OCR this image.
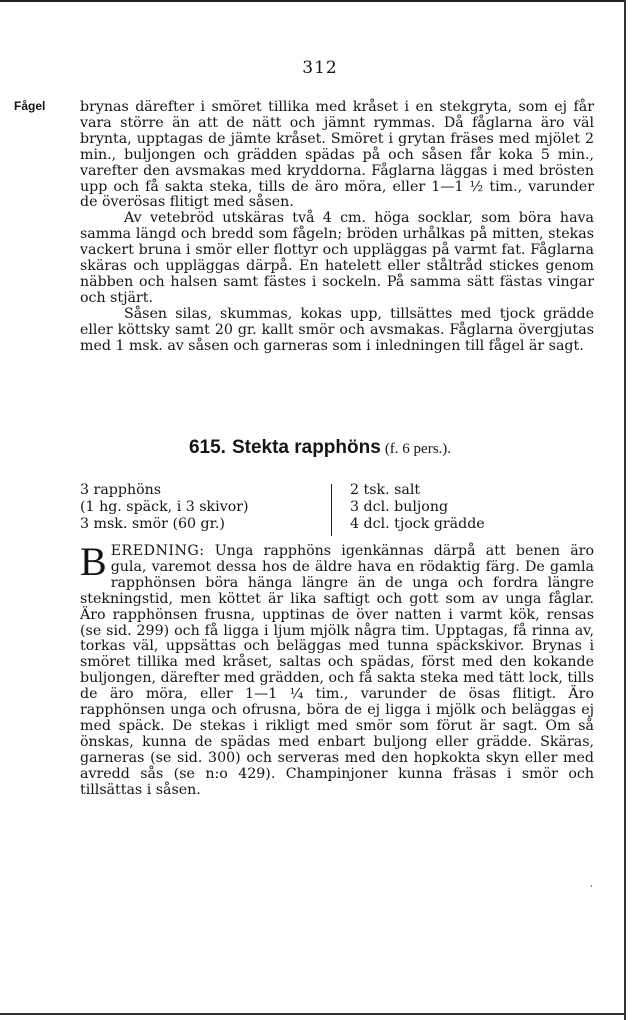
312
Fågel brynas därefter i smöret tillika med kråset i en stekgryta, som ej får vara större än att de nätt och jämnt rymmas. Då fåglarna äro väl brynta, upptagas de jämte kråset. Smöret i grytan fräses med mjölet 2 min., buljongen och grädden spädas på och såsen får koka 5 min., varefter den avsmakas med kryddorna. Fåglarna läggas i med brösten upp och få sakta steka, tills de äro möra, eller 1—1 ½ tim., varunder de överösas flitigt med såsen.

Av vetebröd utskäras två 4 cm. höga socklar, som böra hava samma längd och bredd som fågeln; bröden urhålkas på mitten, stekas vackert bruna i smör eller flottyr och uppläggas på varmt fat. Fåglarna skäras och uppläggas därpå. En hatelett eller ståltråd stickes genom näbben och halsen samt fästes i sockeln. På samma sätt fästas vingar och stjärt.

Såsen silas, skummas, kokas upp, tillsättes med tjock grädde eller köttsky samt 20 gr. kallt smör och avsmakas. Fåglarna övergjutas med 1 msk. av såsen och garneras som i inledningen till fågel är sagt.

615. Stekta rapphöns (f. 6 pers.).
3 rapphöns
(1 hg. späck, i 3 skivor)
3 msk. smör (60 gr.)
2 tsk. salt
3 dcl. buljong
4 dcl. tjock grädde

BEREDNING: Unga rapphöns igenkännas därpå att benen äro gula, varemot dessa hos de äldre hava en rödaktig färg. De gamla rapphönsen böra hänga längre än de unga och fordra längre stekningstid, men köttet är lika saftigt och gott som av unga fåglar. Äro rapphönsen frusna, upptinas de över natten i varmt kök, rensas (se sid. 299) och få ligga i ljum mjölk några tim. Upptagas, få rinna av, torkas väl, uppsättas och beläggas med tunna späckskivor. Brynas i smöret tillika med kråset, saltas och spädas, först med den kokande buljongen, därefter med grädden, och få sakta steka med tätt lock, tills de äro möra, eller 1—1 ¼ tim., varunder de ösas flitigt. Äro rapphönsen unga och ofrusna, böra de ej ligga i mjölk och beläggas ej med späck. De stekas i rikligt med smör som förut är sagt. Om så önskas, kunna de spädas med enbart buljong eller grädde. Skäras, garneras (se sid. 300) och serveras med den hopkokta skyn eller med avredd sås (se n:o 429). Champinjoner kunna fräsas i smör och tillsättas i såsen.

ˊ
